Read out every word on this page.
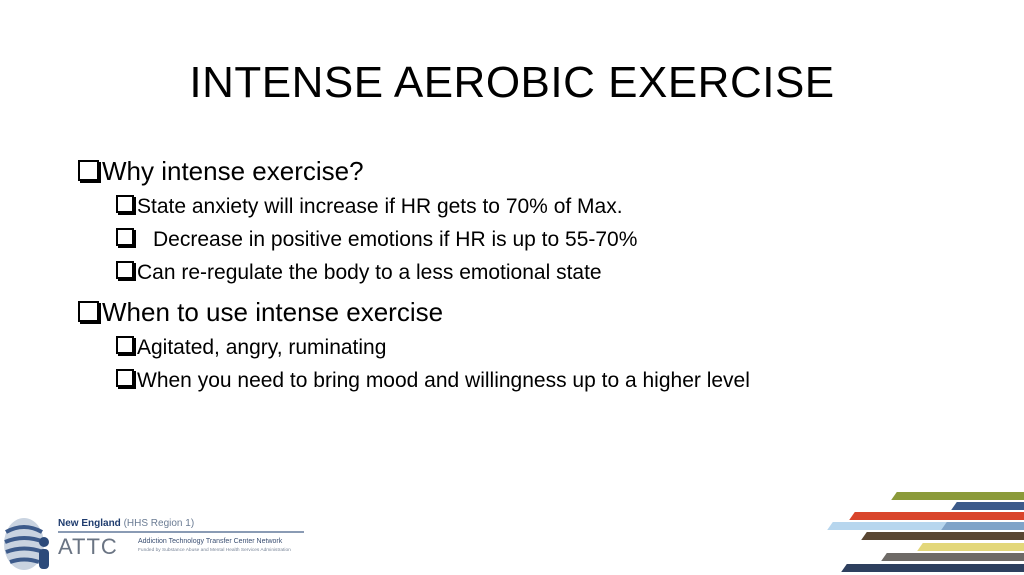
INTENSE AEROBIC EXERCISE
Why intense exercise?
State anxiety will increase if HR gets to 70% of Max.
Decrease in positive emotions if HR is up to 55-70%
Can re-regulate the body to a less emotional state
When to use intense exercise
Agitated, angry, ruminating
When you need to bring mood and willingness up to a higher level
New England (HHS Region 1)
ATTC	Addiction Technology Transfer Center Network
Funded by Substance Abuse and Mental Health Services Administration
